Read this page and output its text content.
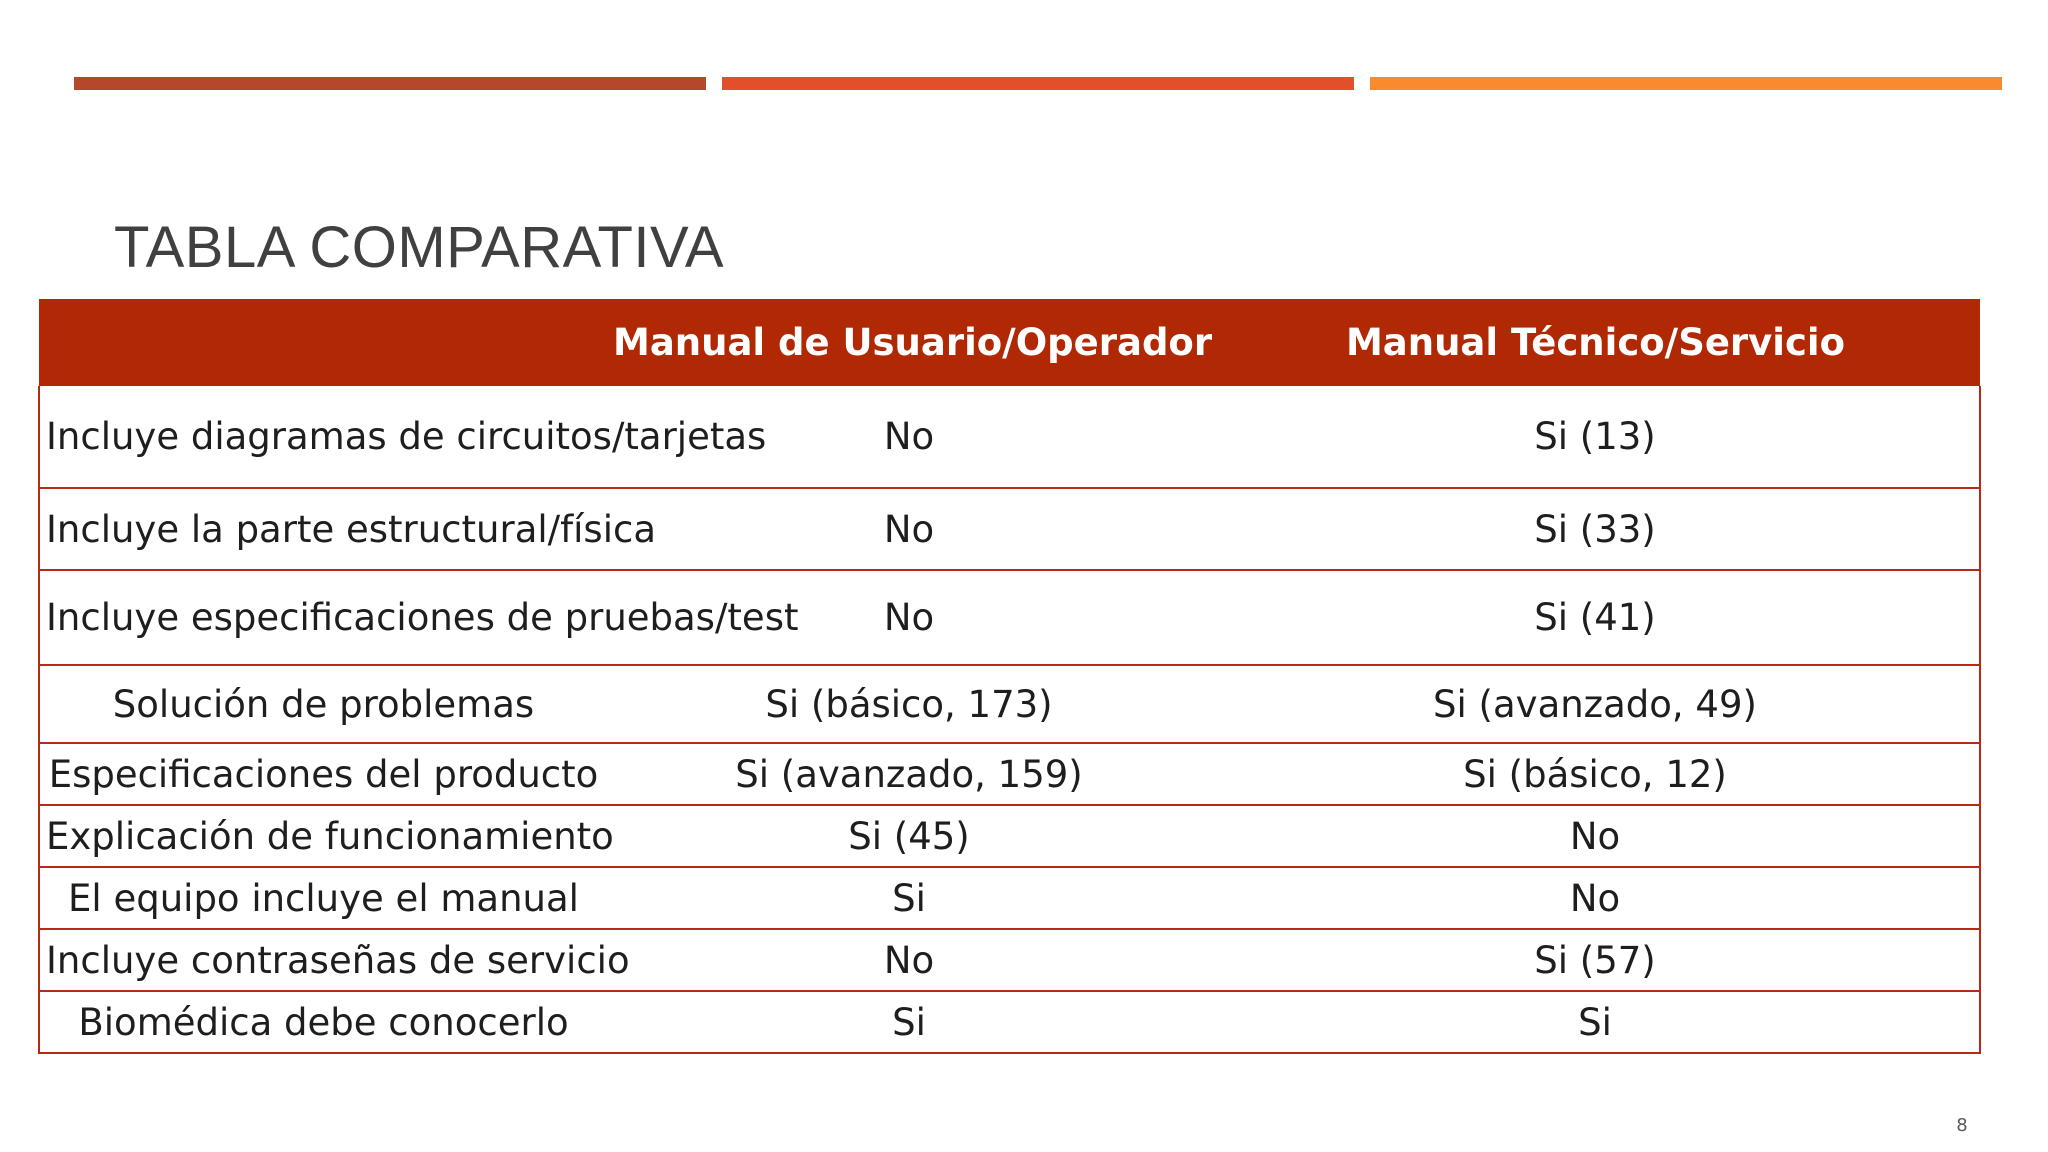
TABLA COMPARATIVA
	Manual de Usuario/Operador	Manual Técnico/Servicio
Incluye diagramas de circuitos/tarjetas	No	Si (13)
Incluye la parte estructural/física	No	Si (33)
Incluye especificaciones de pruebas/test	No	Si (41)
Solución de problemas	Si (básico, 173)	Si (avanzado, 49)
Especificaciones del producto	Si (avanzado, 159)	Si (básico, 12)
Explicación de funcionamiento	Si (45)	No
El equipo incluye el manual	Si	No
Incluye contraseñas de servicio	No	Si (57)
Biomédica debe conocerlo	Si	Si
8
